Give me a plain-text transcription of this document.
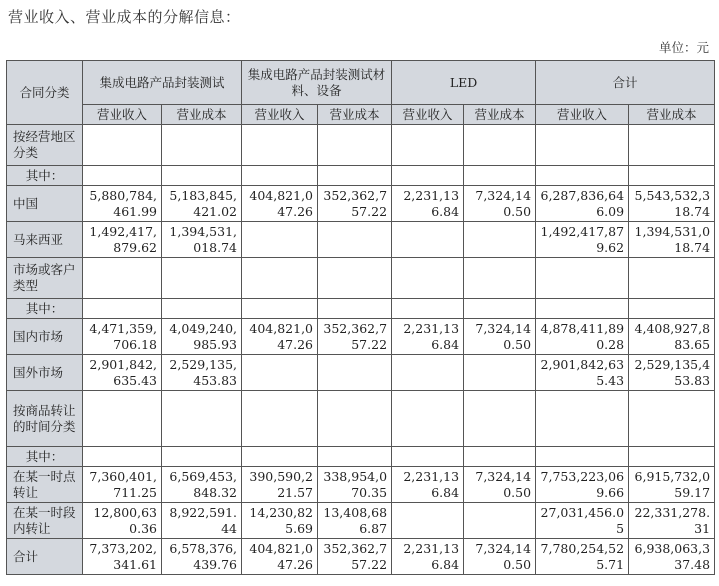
营业收入、营业成本的分解信息：
单位：元
合同分类	集成电路产品封装测试		集成电路产品封装测试材料、设备		LED		合计	
	营业收入	营业成本	营业收入	营业成本	营业收入	营业成本	营业收入	营业成本
按经营地区分类								
其中：								
中国	5,880,784,461.99	5,183,845,421.02	404,821,047.26	352,362,757.22	2,231,136.84	7,324,140.50	6,287,836,646.09	5,543,532,318.74
马来西亚	1,492,417,879.62	1,394,531,018.74					1,492,417,879.62	1,394,531,018.74
市场或客户类型								
其中：								
国内市场	4,471,359,706.18	4,049,240,985.93	404,821,047.26	352,362,757.22	2,231,136.84	7,324,140.50	4,878,411,890.28	4,408,927,883.65
国外市场	2,901,842,635.43	2,529,135,453.83					2,901,842,635.43	2,529,135,453.83
按商品转让的时间分类								
其中：								
在某一时点转让	7,360,401,711.25	6,569,453,848.32	390,590,221.57	338,954,070.35	2,231,136.84	7,324,140.50	7,753,223,069.66	6,915,732,059.17
在某一时段内转让	12,800,630.36	8,922,591.44	14,230,825.69	13,408,686.87			27,031,456.05	22,331,278.31
合计	7,373,202,341.61	6,578,376,439.76	404,821,047.26	352,362,757.22	2,231,136.84	7,324,140.50	7,780,254,525.71	6,938,063,337.48
